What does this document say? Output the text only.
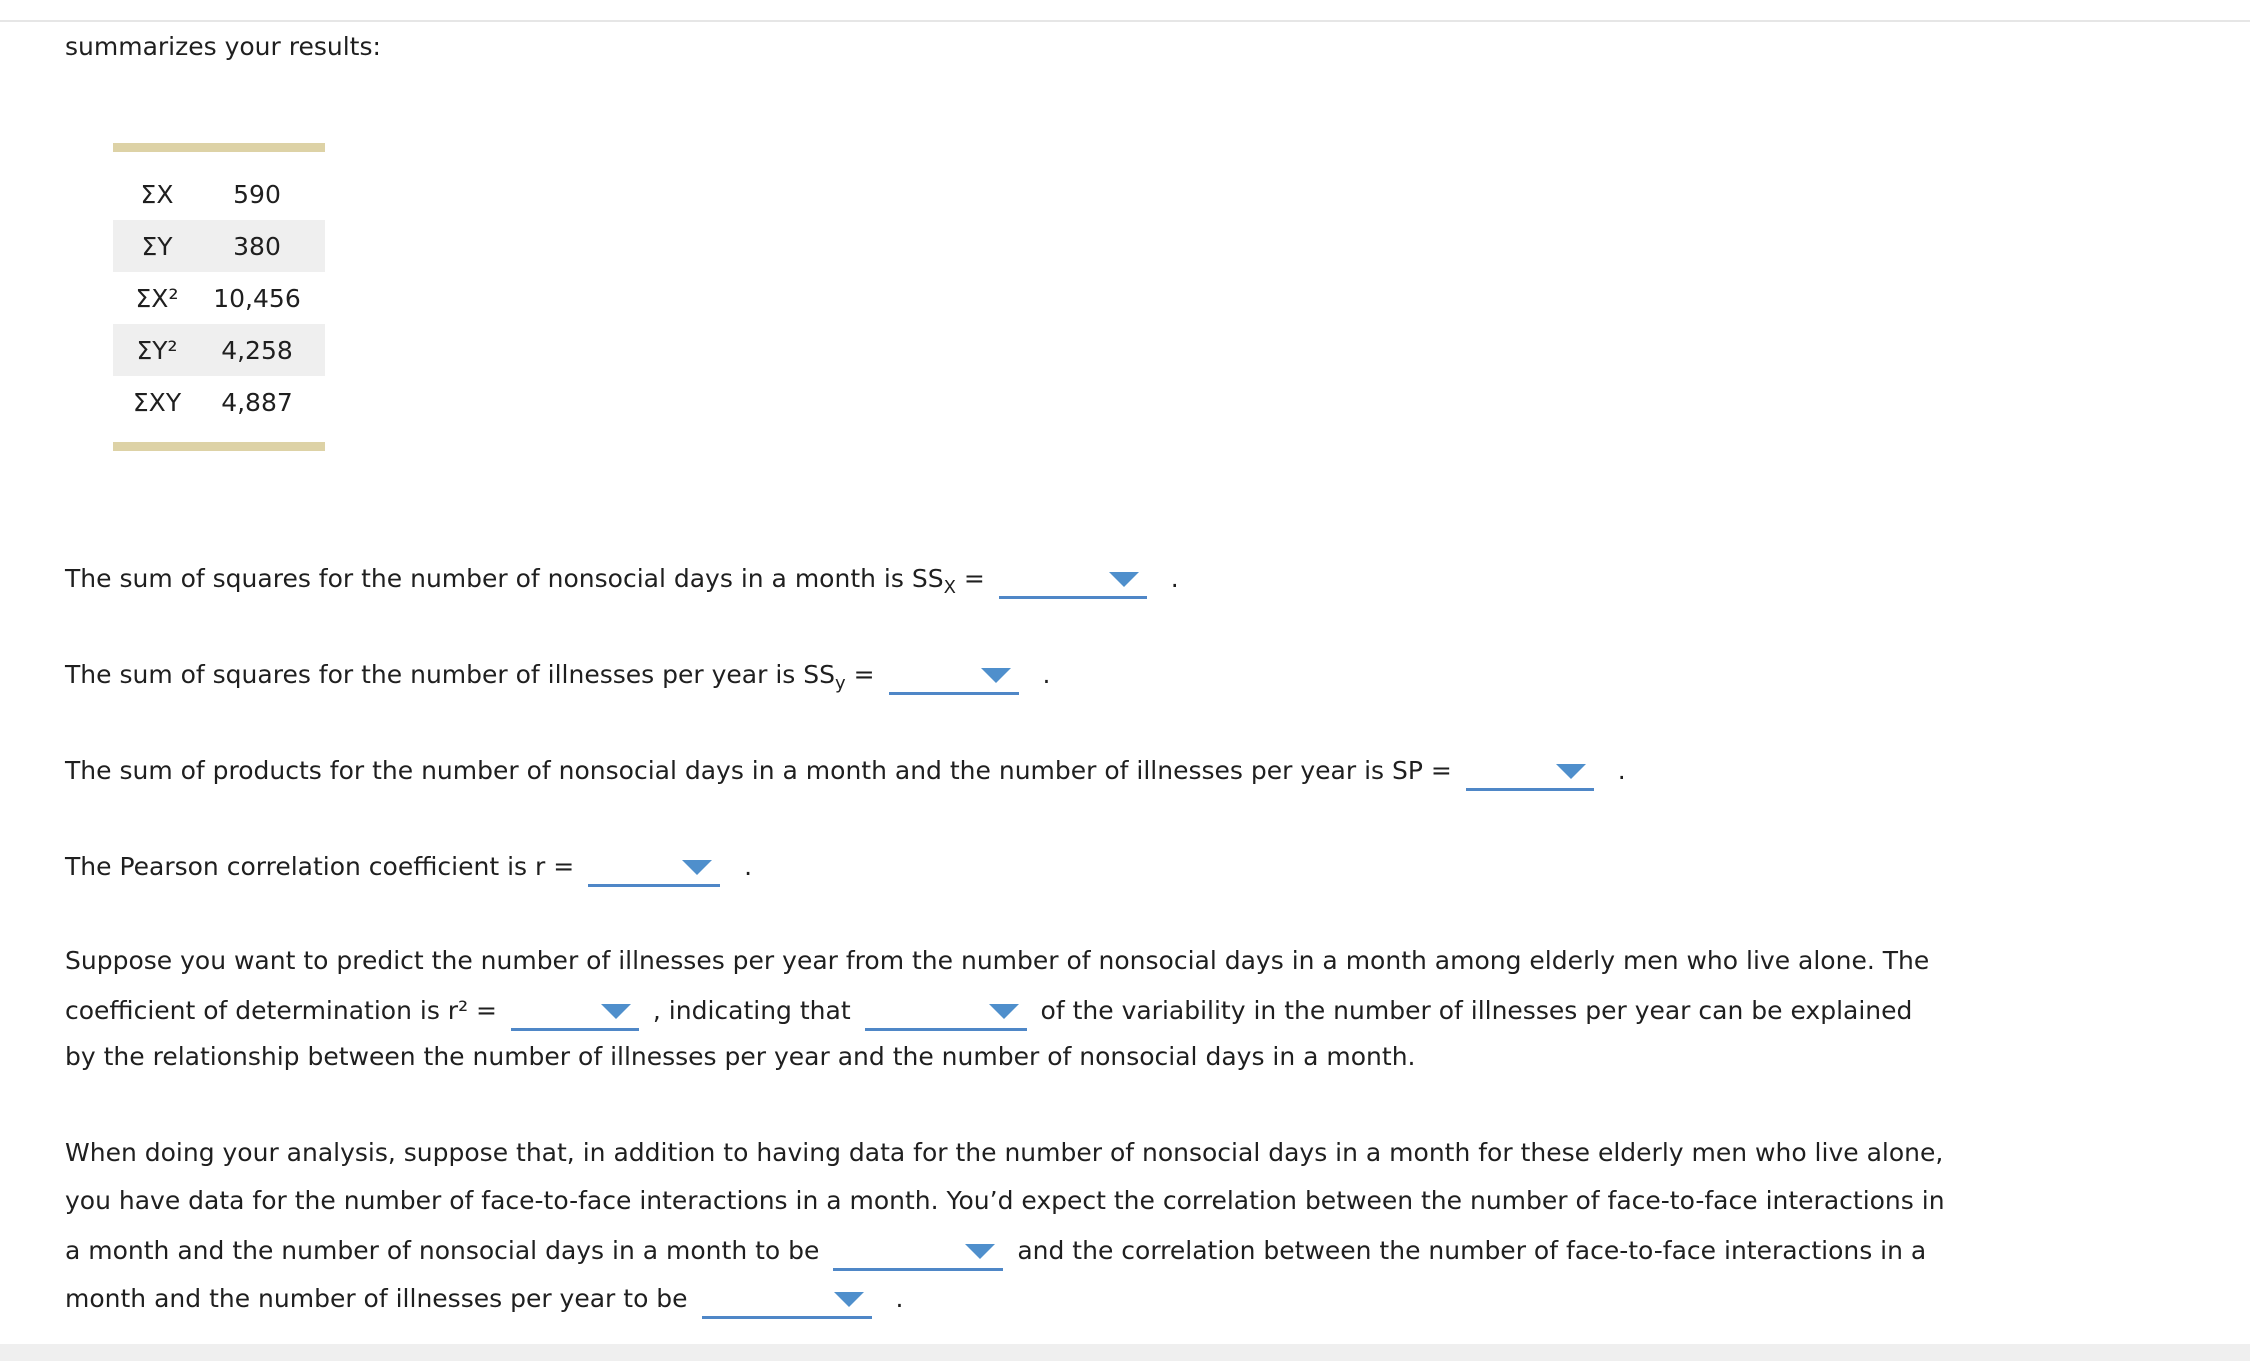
summarizes your results:
ΣX	590
ΣY	380
ΣX²	10,456
ΣY²	4,258
ΣXY	4,887
The sum of squares for the number of nonsocial days in a month is $SS_X$ =	.
The sum of squares for the number of illnesses per year is $SS_y$ =	.
The sum of products for the number of nonsocial days in a month and the number of illnesses per year is SP =	.
The Pearson correlation coefficient is r =	.
Suppose you want to predict the number of illnesses per year from the number of nonsocial days in a month among elderly men who live alone. The
coefficient of determination is r² =	, indicating that	of the variability in the number of illnesses per year can be explained
by the relationship between the number of illnesses per year and the number of nonsocial days in a month.
When doing your analysis, suppose that, in addition to having data for the number of nonsocial days in a month for these elderly men who live alone,
you have data for the number of face-to-face interactions in a month. You’d expect the correlation between the number of face-to-face interactions in
a month and the number of nonsocial days in a month to be	and the correlation between the number of face-to-face interactions in a
month and the number of illnesses per year to be	.
